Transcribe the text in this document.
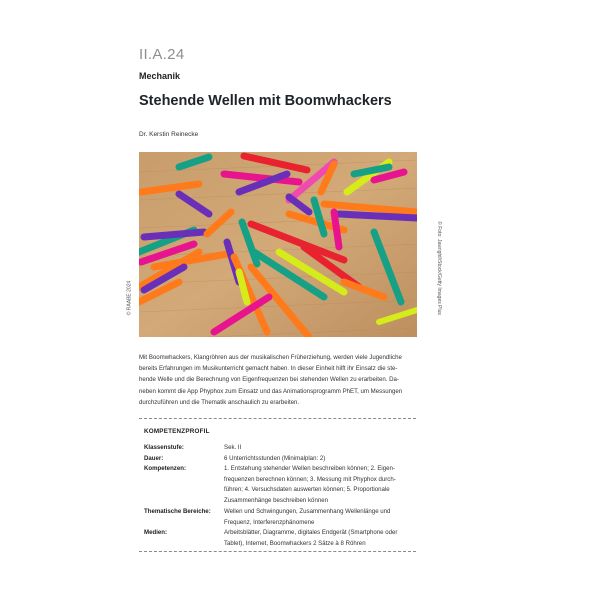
II.A.24
Mechanik
Stehende Wellen mit Boomwhackers
Dr. Kerstin Reinecke
© RAABE 2024	© Foto: Jawright/iStock/Getty Images Plus
Mit Boomwhackers, Klangröhren aus der musikalischen Früherziehung, werden viele Jugendliche
bereits Erfahrungen im Musikunterricht gemacht haben. In dieser Einheit hilft ihr Einsatz die ste-
hende Welle und die Berechnung von Eigenfrequenzen bei stehenden Wellen zu erarbeiten. Da-
neben kommt die App Phyphox zum Einsatz und das Animationsprogramm PhET, um Messungen
durchzuführen und die Thematik anschaulich zu erarbeiten.
KOMPETENZPROFIL
Klassenstufe:	Sek. II
Dauer:	6 Unterrichtsstunden (Minimalplan: 2)
Kompetenzen:	1. Entstehung stehender Wellen beschreiben können; 2. Eigen-
frequenzen berechnen können; 3. Messung mit Phyphox durch-
führen; 4. Versuchsdaten auswerten können; 5. Proportionale
Zusammenhänge beschreiben können
Thematische Bereiche: Wellen und Schwingungen, Zusammenhang Wellenlänge und
Frequenz, Interferenzphänomene
Medien:	Arbeitsblätter, Diagramme, digitales Endgerät (Smartphone oder
Tablet), Internet, Boomwhackers 2 Sätze à 8 Röhren
